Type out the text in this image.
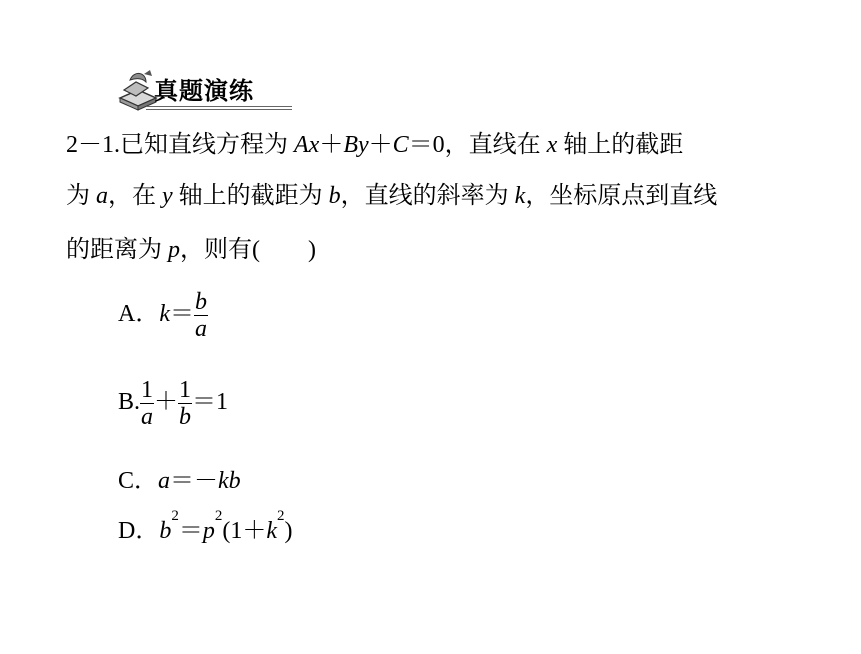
真题演练
2－1.已知直线方程为 Ax＋By＋C＝0，直线在 x 轴上的截距
为 a，在 y 轴上的截距为 b，直线的斜率为 k，坐标原点到直线
的距离为 p，则有(　　)
A．$k= \frac{b}{a}$
B. $\frac{1}{a} + \frac{1}{b} =1$
C．a＝－kb
D．$b^2=p^2(1+k^2)$
